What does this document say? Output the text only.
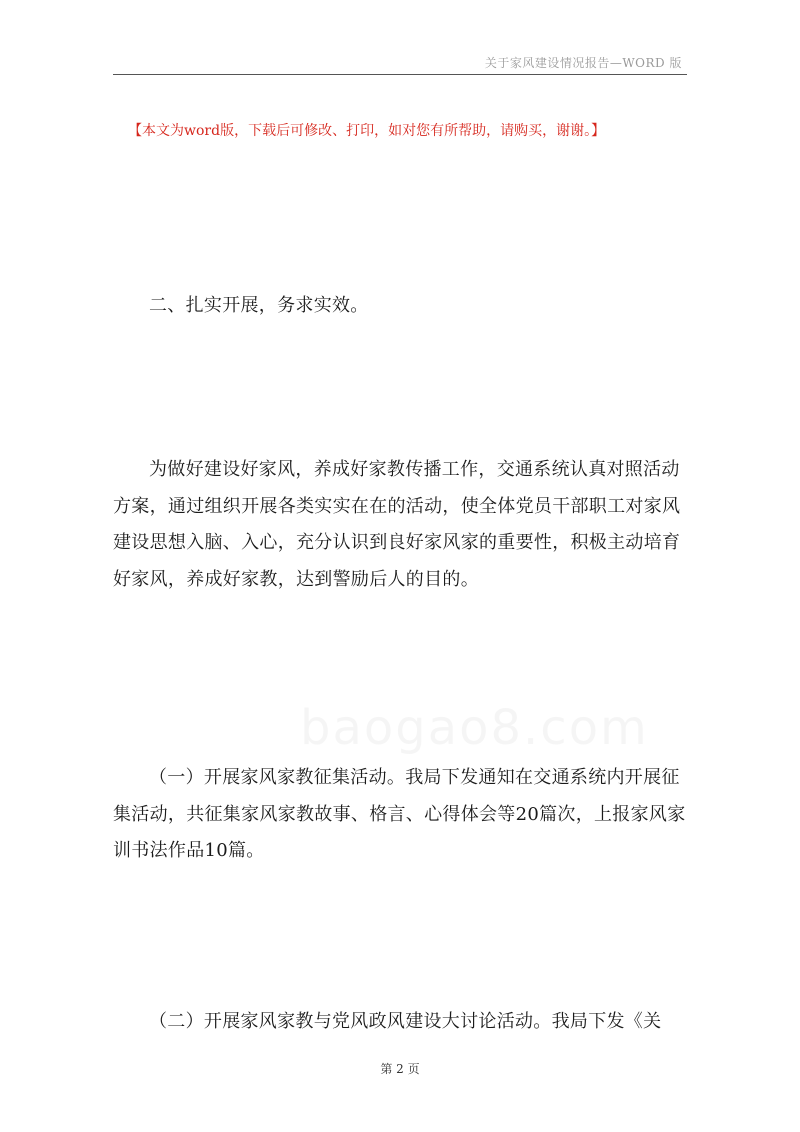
关于家风建设情况报告—WORD 版
【本文为word版，下载后可修改、打印，如对您有所帮助，请购买，谢谢。】

二、扎实开展，务求实效。

为做好建设好家风，养成好家教传播工作，交通系统认真对照活动方案，通过组织开展各类实实在在的活动，使全体党员干部职工对家风建设思想入脑、入心，充分认识到良好家风家的重要性，积极主动培育好家风，养成好家教，达到警励后人的目的。

（一）开展家风家教征集活动。我局下发通知在交通系统内开展征集活动，共征集家风家教故事、格言、心得体会等20篇次，上报家风家训书法作品10篇。

（二）开展家风家教与党风政风建设大讨论活动。我局下发《关

第 2 页
